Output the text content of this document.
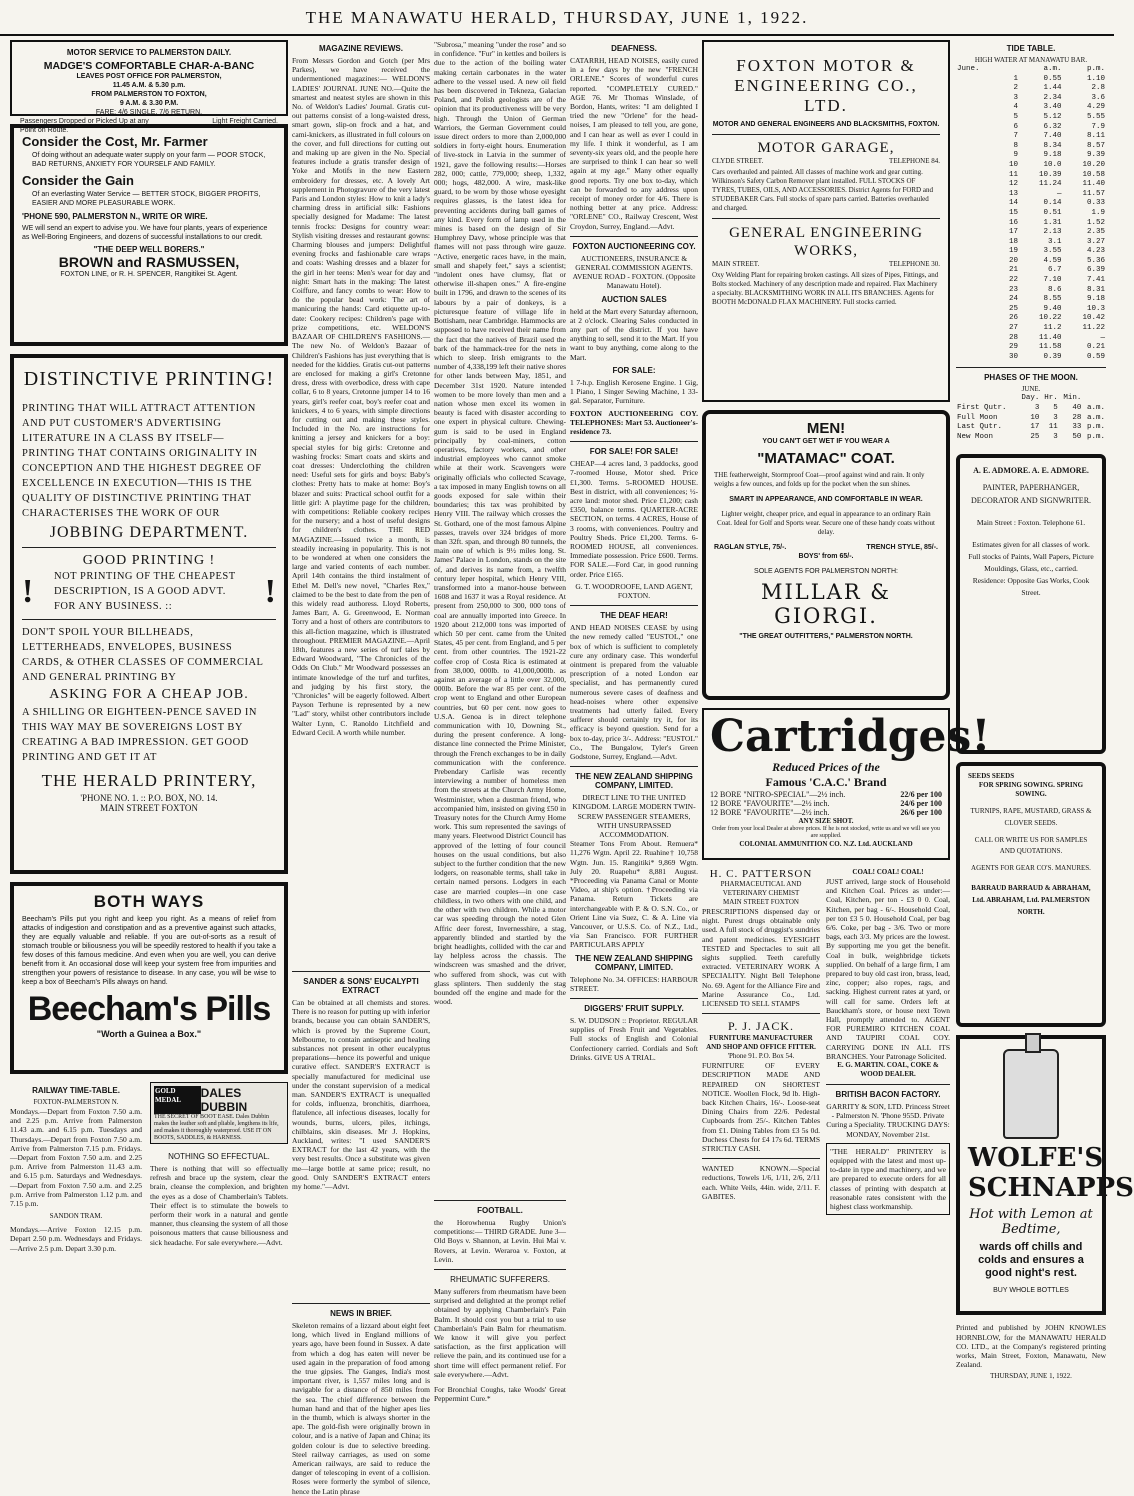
THE MANAWATU HERALD, THURSDAY, JUNE 1, 1922.
MOTOR SERVICE TO PALMERSTON DAILY.
MADGE'S COMFORTABLE CHAR-A-BANC
LEAVES POST OFFICE FOR PALMERSTON,
11.45 A.M. & 5.30 p.m.
FROM PALMERSTON TO FOXTON,
9 A.M. & 3.30 P.M.
FARE: 4/6 SINGLE, 7/6 RETURN.
Passengers Dropped or Picked Up at any Point on Route.
Light Freight Carried.
Consider the Cost, Mr. Farmer
Of doing without an adequate water supply on your farm — POOR STOCK, BAD RETURNS, ANXIETY FOR YOURSELF AND FAMILY.
Consider the Gain
Of an everlasting Water Service — BETTER STOCK, BIGGER PROFITS, EASIER AND MORE PLEASURABLE WORK.
'PHONE 590, PALMERSTON N., WRITE OR WIRE.
WE will send an expert to advise you. We have four plants, years of experience as Well-Boring Engineers, and dozens of successful installations to our credit.
"THE DEEP WELL BORERS."
BROWN and RASMUSSEN,
FOXTON LINE, or R. H. SPENCER, Rangitikei St. Agent.
DISTINCTIVE PRINTING!

PRINTING THAT WILL ATTRACT ATTENTION AND PUT CUSTOMER'S ADVERTISING LITERATURE IN A CLASS BY ITSELF—PRINTING THAT CONTAINS ORIGINALITY IN CONCEPTION AND THE HIGHEST DEGREE OF EXCELLENCE IN EXECUTION—THIS IS THE QUALITY OF DISTINCTIVE PRINTING THAT CHARACTERISES THE WORK OF OUR

JOBBING DEPARTMENT.
GOOD PRINTING !
! NOT PRINTING OF THE CHEAPEST DESCRIPTION, IS A GOOD ADVT. FOR ANY BUSINESS. ::	!

DON'T SPOIL YOUR BILLHEADS, LETTERHEADS, ENVELOPES, BUSINESS CARDS, & OTHER CLASSES OF COMMERCIAL AND GENERAL PRINTING BY

ASKING FOR A CHEAP JOB.

A SHILLING OR EIGHTEEN-PENCE SAVED IN THIS WAY MAY BE SOVEREIGNS LOST BY CREATING A BAD IMPRESSION. GET GOOD PRINTING AND GET IT AT

THE HERALD PRINTERY,
'PHONE NO. 1. :: P.O. BOX, NO. 14.
MAIN STREET FOXTON
BOTH WAYS
Beecham's Pills put you right and keep you right. As a means of relief from attacks of indigestion and constipation and as a preventive against such attacks, they are equally valuable and reliable. If you are out-of-sorts as a result of stomach trouble or biliousness you will be speedily restored to health if you take a few doses of this famous medicine. And even when you are well, you can derive benefit from it. An occasional dose will keep your system free from impurities and strengthen your powers of resistance to disease. In any case, you will be wise to keep a box of Beecham's Pills always on hand.
Beecham's Pills
"Worth a Guinea a Box."
RAILWAY TIME-TABLE.
FOXTON-PALMERSTON N.
Mondays.—Depart from Foxton 7.50 a.m. and 2.25 p.m. Arrive from Palmerston 11.43 a.m. and 6.15 p.m. Tuesdays and Thursdays.—Depart from Foxton 7.50 a.m. Arrive from Palmerston 7.15 p.m. Fridays.—Depart from Foxton 7.50 a.m. and 2.25 p.m. Arrive from Palmerston 11.43 a.m. and 6.15 p.m. Saturdays and Wednesdays.—Depart from Foxton 7.50 a.m. and 2.25 p.m. Arrive from Palmerston 1.12 p.m. and 7.15 p.m.
SANDON TRAM.
Mondays.—Arrive Foxton 12.15 p.m. Depart 2.50 p.m. Wednesdays and Fridays.—Arrive 2.5 p.m. Depart 3.30 p.m.
GOLD MEDAL	DALES DUBBIN
THE SECRET OF BOOT EASE. Dales Dubbin makes the leather soft and pliable, lengthens its life, and makes it thoroughly waterproof. USE IT ON BOOTS, SADDLES, & HARNESS.
NOTHING SO EFFECTUAL.
There is nothing that will so effectually refresh and brace up the system, clear the brain, cleanse the complexion, and brighten the eyes as a dose of Chamberlain's Tablets. Their effect is to stimulate the bowels to perform their work in a natural and gentle manner, thus cleansing the system of all those poisonous matters that cause biliousness and sick headache. For sale everywhere.—Advt.
MAGAZINE REVIEWS.
From Messrs Gordon and Gotch (per Mrs Parkes), we have received the undermentioned magazines:— WELDON'S LADIES' JOURNAL JUNE NO.—Quite the smartest and neatest styles are shown in this No. of Weldon's Ladies' Journal. Gratis cut-out patterns consist of a long-waisted dress, smart gown, slip-on frock and a hat, and cami-knickers, as illustrated in full colours on the cover, and full directions for cutting out and making up are given in the No. Special features include a gratis transfer design of Yoke and Motifs in the new Eastern embroidery for dresses, etc. A lovely Art supplement in Photogravure of the very latest Paris and London styles: How to knit a lady's charming dress in artificial silk: Fashions specially designed for Madame: The latest tennis frocks: Designs for country wear: Stylish visiting dresses and restaurant gowns: Charming blouses and jumpers: Delightful evening frocks and fashionable care wraps and coats: Washing dresses and a blazer for the girl in her teens: Men's wear for day and night: Smart hats in the making: The latest Coiffure, and fancy combs to wear: How to do the popular bead work: The art of manicuring the hands: Card etiquette up-to-date: Cookery recipes: Children's page with prize competitions, etc. WELDON'S BAZAAR OF CHILDREN'S FASHIONS.—The new No. of Weldon's Bazaar of Children's Fashions has just everything that is needed for the kiddies. Gratis cut-out patterns are enclosed for making a girl's Cretonne dress, dress with overbodice, dress with cape collar, 6 to 8 years, Cretonne jumper 14 to 16 years, girl's reefer coat, boy's reefer coat and knickers, 4 to 6 years, with simple directions for cutting out and making these styles. Included in the No. are instructions for knitting a jersey and knickers for a boy: special styles for big girls: Cretonne and washing frocks: Smart coats and skirts and coat dresses: Underclothing the children need: Useful sets for girls and boys: Baby's clothes: Pretty hats to make at home: Boy's blazer and suits: Practical school outfit for a little girl: A playtime page for the children, with competitions: Reliable cookery recipes for the nursery; and a host of useful designs for children's clothes. THE RED MAGAZINE.—Issued twice a month, is steadily increasing in popularity. This is not to be wondered at when one considers the large and varied contents of each number. April 14th contains the third instalment of Ethel M. Dell's new novel, "Charles Rex," claimed to be the best to date from the pen of this widely read authoress. Lloyd Roberts, James Barr, A. G. Greenwood, E. Norman Torry and a host of others are contributors to this all-fiction magazine, which is illustrated throughout. PREMIER MAGAZINE.—April 18th, features a new series of turf tales by Edward Woodward, "The Chronicles of the Odds On Club." Mr Woodward possesses an intimate knowledge of the turf and turfites, and judging by his first story, the "Chronicles" will be eagerly followed. Albert Payson Terhune is represented by a new "Lad" story, whilst other contributors include Walter Lynn, C. Ranoldo Litchfield and Edward Cecil. A worth while number.
SANDER & SONS' EUCALYPTI EXTRACT
Can be obtained at all chemists and stores. There is no reason for putting up with inferior brands, because you can obtain SANDER'S, which is proved by the Supreme Court, Melbourne, to contain antiseptic and healing substances not present in other eucalyptus preparations—hence its powerful and unique curative effect. SANDER'S EXTRACT is specially manufactured for medicinal use under the constant supervision of a medical man. SANDER'S EXTRACT is unequalled for colds, influenza, bronchitis, diarrhoea, flatulence, all infectious diseases, locally for wounds, burns, ulcers, piles, itchings, chilblains, skin diseases. Mr J. Hopkins, Auckland, writes: "I used SANDER'S EXTRACT for the last 42 years, with the very best results. Once a substitute was given me—large bottle at same price; result, no good. Only SANDER'S EXTRACT enters my home."—Advt.
NEWS IN BRIEF.
Skeleton remains of a lizzard about eight feet long, which lived in England millions of years ago, have been found in Sussex. A date from which a dog has eaten will never be used again in the preparation of food among the true gipsies. The Ganges, India's most important river, is 1,557 miles long and is navigable for a distance of 850 miles from the sea. The chief difference between the human hand and that of the higher apes lies in the thumb, which is always shorter in the ape. The gold-fish were originally brown in colour, and is a native of Japan and China; its golden colour is due to selective breeding. Steel railway carriages, as used on some American railways, are said to reduce the danger of telescoping in event of a collision. Roses were formerly the symbol of silence, hence the Latin phrase
"Subrosa," meaning "under the rose" and so in confidence. "Fur" in kettles and boilers is due to the action of the boiling water making certain carbonates in the water adhere to the vessel used. A new oil field has been discovered in Tekneza, Galacian Poland, and Polish geologists are of the opinion that its productiveness will be very high. Through the Union of German Warriors, the German Government could issue direct orders to more than 2,000,000 soldiers in forty-eight hours. Enumeration of live-stock in Latvia in the summer of 1921, gave the following results:—Horses 282, 000; cattle, 779,000; sheep, 1,332, 000; hogs, 482,000. A wire, mask-like guard, to be worn by those whose eyesight requires glasses, is the latest idea for preventing accidents during ball games of any kind. Every form of lamp used in the mines is based on the design of Sir Humphrey Davy, whose principle was that flames will not pass through wire gauze. "Active, energetic races have, in the main, small and shapely feet," says a scientist; "indolent ones have clumsy, flat or otherwise ill-shapen ones." A fire-engine built in 1796, and drawn to the scenes of its labours by a pair of donkeys, is a picturesque feature of village life in Bottisham, near Cambridge. Hammocks are supposed to have received their name from the fact that the natives of Brazil used the bark of the hammack-tree for the nets in which to sleep. Irish emigrants to the number of 4,338,199 left their native shores for other lands between May, 1851, and December 31st 1920. Nature intended women to be more lovely than men and a nation whose men excel its women in beauty is faced with disaster according to one expert in physical culture. Chewing-gum is said to be used in England principally by coal-miners, cotton operatives, factory workers, and other industrial employees who cannot smoke while at their work. Scavengers were originally officials who collected Scavage, a tax imposed in many English towns on all goods exposed for sale within their boundaries; this tax was prohibited by Henry VIII. The railway which crosses the St. Gothard, one of the most famous Alpine passes, travels over 324 bridges of more than 32ft. span, and through 80 tunnels, the main one of which is 9½ miles long. St. James' Palace in London, stands on the site of, and derives its name from, a twelfth century leper hospital, which Henry VIII, transformed into a manor-house between 1608 and 1637 it was a Royal residence. At present from 250,000 to 300, 000 tons of coal are annually imported into Greece. In 1920 about 212,000 tons was imported of which 50 per cent. came from the United States, 45 per cent. from England, and 5 per cent. from other countries. The 1921-22 coffee crop of Costa Rica is estimated at from 38,000, 000lb. to 41,000,000lb. as against an average of a little over 32,000, 000lb. Before the war 85 per cent. of the crop went to England and other European countries, but 60 per cent. now goes to U.S.A. Genoa is in direct telephone communication with 10, Downing St., during the present conference. A long-distance line connected the Prime Minister, through the French exchanges to be in daily communication with the conference. Prebendary Carlisle was recently interviewing a number of homeless men from the streets at the Church Army Home, Westminister, when a dustman friend, who accompanied him, insisted on giving £50 in Treasury notes for the Church Army Home work. This sum represented the savings of many years. Fleetwood District Council has approved of the letting of four council houses on the usual conditions, but also subject to the further condition that the new lodgers, on reasonable terms, shall take in certain named persons. Lodgers in each case are married couples—in one case childless, in two others with one child, and the other with two children. While a motor car was speeding through the noted Glen Affric deer forest, Invernesshire, a stag, apparently blinded and startled by the bright headlights, collided with the car and lay helpless across the chassis. The windscreen was smashed and the driver, who suffered from shock, was cut with glass splinters. Then suddenly the stag bounded off the engine and made for the wood.
FOOTBALL.
the Horowhenua Rugby Union's competitions:— THIRD GRADE. June 3— Old Boys v. Shannon, at Levin. Hui Mai v. Rovers, at Levin. Weraroa v. Foxton, at Levin.
RHEUMATIC SUFFERERS.
Many sufferers from rheumatism have been surprised and delighted at the prompt relief obtained by applying Chamberlain's Pain Balm. It should cost you but a trial to use Chamberlain's Pain Balm for rheumatism. We know it will give you perfect satisfaction, as the first application will relieve the pain, and its continued use for a short time will effect permanent relief. For sale everywhere.—Advt.
For Bronchial Coughs, take Woods' Great Peppermint Cure.*
DEAFNESS.
CATARRH, HEAD NOISES, easily cured in a few days by the new "FRENCH ORLENE." Scores of wonderful cures reported. "COMPLETELY CURED." AGE 76. Mr Thomas Winslade, of Bordon, Hants, writes: "I am delighted I tried the new "Orlene" for the head-noises, I am pleased to tell you, are gone, and I can hear as well as ever I could in my life. I think it wonderful, as I am seventy-six years old, and the people here are surprised to think I can hear so well again at my age." Many other equally good reports. Try one box to-day, which can be forwarded to any address upon receipt of money order for 4/6. There is nothing better at any price. Address: "ORLENE" CO., Railway Crescent, West Croydon, Surrey, England.—Advt.
FOXTON AUCTIONEERING COY.
AUCTIONEERS, INSURANCE & GENERAL COMMISSION AGENTS. AVENUE ROAD - FOXTON. (Opposite Manawatu Hotel).
AUCTION SALES
held at the Mart every Saturday afternoon, at 2 o'clock. Clearing Sales conducted in any part of the district. If you have anything to sell, send it to the Mart. If you want to buy anything, come along to the Mart.
FOR SALE:
1 7-h.p. English Kerosene Engine. 1 Gig, 1 Piano, 1 Singer Sewing Machine, 1 33-gal. Separator, Furniture.
FOXTON AUCTIONEERING COY. TELEPHONES: Mart 53. Auctioneer's-residence 73.
FOR SALE! FOR SALE!
CHEAP—4 acres land, 3 paddocks, good 7-roomed House, Motor shed. Price £1,300. Terms. 5-ROOMED HOUSE. Best in district, with all conveniences; ½-acre land: motor shed. Price £1,200; cash £350, balance terms. QUARTER-ACRE SECTION, on terms. 4 ACRES, House of 3 rooms, with conveniences. Poultry and Poultry Sheds. Price £1,200. Terms. 6-ROOMED HOUSE, all conveniences. Immediate possession. Price £600. Terms. FOR SALE.—Ford Car, in good running order. Price £165.
G. T. WOODROOFE, LAND AGENT, FOXTON.
THE DEAF HEAR!
AND HEAD NOISES CEASE by using the new remedy called "EUSTOL," one box of which is sufficient to completely cure any ordinary case. This wonderful ointment is prepared from the valuable prescription of a noted London ear specialist, and has permanently cured numerous severe cases of deafness and head-noises where other expensive treatments had utterly failed. Every sufferer should certainly try it, for its efficacy is beyond question. Send for a box to-day, price 3/-. Address: "EUSTOL" Co., The Bungalow, Tyler's Green Godstone, Surrey, England.—Advt.
THE NEW ZEALAND SHIPPING COMPANY, LIMITED.
DIRECT LINE TO THE UNITED KINGDOM. LARGE MODERN TWIN-SCREW PASSENGER STEAMERS, WITH UNSURPASSED ACCOMMODATION.
Steamer Tons From About. Remuera* 11,276 Wgtn. April 22. Ruahine† 10,758 Wgtn. Jun. 15. Rangitiki* 9,869 Wgtn. July 20. Ruapehu* 8,881 August. *Proceeding via Panama Canal or Monte Video, at ship's option. †Proceeding via Panama. Return Tickets are interchangeable with P. & O. S.N. Co., or Orient Line via Suez, C. & A. Line via Vancouver, or U.S.S. Co. of N.Z., Ltd., via San Francisco. FOR FURTHER PARTICULARS APPLY
THE NEW ZEALAND SHIPPING COMPANY, LIMITED.
Telephone No. 34. OFFICES: HARBOUR STREET.
DIGGERS' FRUIT SUPPLY.
S. W. DUDSON :: Proprietor. REGULAR supplies of Fresh Fruit and Vegetables. Full stocks of English and Colonial Confectionery carried. Cordials and Soft Drinks. GIVE US A TRIAL.
FOXTON MOTOR & ENGINEERING CO., LTD.
MOTOR AND GENERAL ENGINEERS AND BLACKSMITHS, FOXTON.
MOTOR GARAGE,
CLYDE STREET.	TELEPHONE 84.
Cars overhauled and painted. All classes of machine work and gear cutting. Wilkinson's Safety Carbon Remover plant installed. FULL STOCKS OF TYRES, TUBES, OILS, AND ACCESSORIES. District Agents for FORD and STUDEBAKER Cars. Full stocks of spare parts carried. Batteries overhauled and charged.
GENERAL ENGINEERING WORKS,
MAIN STREET.	TELEPHONE 30.
Oxy Welding Plant for repairing broken castings. All sizes of Pipes, Fittings, and Bolts stocked. Machinery of any description made and repaired. Flax Machinery a specialty. BLACKSMITHING WORK IN ALL ITS BRANCHES. Agents for BOOTH McDONALD FLAX MACHINERY. Full stocks carried.
MEN!
YOU CAN'T GET WET IF YOU WEAR A
"MATAMAC" COAT.
THE featherweight, Stormproof Coat—proof against wind and rain. It only weighs a few ounces, and folds up for the pocket when the sun shines.
SMART IN APPEARANCE, AND COMFORTABLE IN WEAR.
Lighter weight, cheaper price, and equal in appearance to an ordinary Rain Coat. Ideal for Golf and Sports wear. Secure one of these handy coats without delay.
RAGLAN STYLE, 75/-.	TRENCH STYLE, 85/-.
BOYS' from 65/-.
SOLE AGENTS FOR PALMERSTON NORTH:
MILLAR & GIORGI.
"THE GREAT OUTFITTERS," PALMERSTON NORTH.
Cartridges!
Reduced Prices of the
Famous 'C.A.C.' Brand
12 BORE "NITRO-SPECIAL"—2½ inch.	22/6 per 100
12 BORE "FAVOURITE"—2½ inch.	24/6 per 100
12 BORE "FAVOURITE"—2½ inch.	26/6 per 100
ANY SIZE SHOT.
Order from your local Dealer at above prices. If he is not stocked, write us and we will see you are supplied.
COLONIAL AMMUNITION CO. N.Z. Ltd. AUCKLAND
H. C. PATTERSON
PHARMACEUTICAL AND VETERINARY CHEMIST
MAIN STREET FOXTON
PRESCRIPTIONS dispensed day or night. Purest drugs obtainable only used. A full stock of druggist's sundries and patent medicines. EYESIGHT TESTED and Spectacles to suit all sights supplied. Teeth carefully extracted. VETERINARY WORK A SPECIALITY. Night Bell Telephone No. 69. Agent for the Alliance Fire and Marine Assurance Co., Ltd. LICENSED TO SELL STAMPS
P. J. JACK.
FURNITURE MANUFACTURER AND SHOP AND OFFICE FITTER.
'Phone 91. P.O. Box 54.
FURNITURE OF EVERY DESCRIPTION MADE AND REPAIRED ON SHORTEST NOTICE. Woollen Flock, 9d lb. High-back Kitchen Chairs, 16/-. Loose-seat Dining Chairs from 22/6. Pedestal Cupboards from 25/-. Kitchen Tables from £1. Dining Tables from £3 5s 0d. Duchess Chests for £4 17s 6d. TERMS STRICTLY CASH.
WANTED KNOWN.—Special reductions, Towels 1/6, 1/11, 2/6, 2/11 each. White Veils, 44in. wide, 2/11. F. GABITES.
COAL! COAL! COAL!
JUST arrived, large stock of Household and Kitchen Coal. Prices as under:— Coal, Kitchen, per ton - £3 0 0. Coal, Kitchen, per bag - 6/-. Household Coal, per ton £3 5 0. Household Coal, per bag 6/6. Coke, per bag - 3/6. Two or more bags, each 3/3. My prices are the lowest. By supporting me you get the benefit. Coal in bulk, weighbridge tickets supplied. On behalf of a large firm, I am prepared to buy old cast iron, brass, lead, zinc, copper; also ropes, rags, and sacking. Highest current rates at yard, or will call for same. Orders left at Bauckham's store, or house next Town Hall, promptly attended to. AGENT FOR PUREMIRO KITCHEN COAL AND TAUPIRI COAL COY. CARRYING DONE IN ALL ITS BRANCHES. Your Patronage Solicited.
E. G. MARTIN. COAL, COKE & WOOD DEALER.
BRITISH BACON FACTORY.
GARRITY & SON, LTD. Princess Street - Palmerston N. 'Phone 955D. Private Curing a Speciality. TRUCKING DAYS: MONDAY, November 21st.
"THE HERALD" PRINTERY is equipped with the latest and most up-to-date in type and machinery, and we are prepared to execute orders for all classes of printing with despatch at reasonable rates consistent with the highest class workmanship.
TIDE TABLE.
HIGH WATER AT MANAWATU BAR.
June.		a.m.	p.m.
	1	0.55	1.10
	2	1.44	2.8
	3	2.34	3.6
	4	3.40	4.29
	5	5.12	5.55
	6	6.32	7.9
	7	7.40	8.11
	8	8.34	8.57
	9	9.18	9.39
	10	10.0	10.20
	11	10.39	10.58
	12	11.24	11.40
	13	—	11.57
	14	0.14	0.33
	15	0.51	1.9
	16	1.31	1.52
	17	2.13	2.35
	18	3.1	3.27
	19	3.55	4.23
	20	4.59	5.36
	21	6.7	6.39
	22	7.10	7.41
	23	8.6	8.31
	24	8.55	9.18
	25	9.40	10.3
	26	10.22	10.42
	27	11.2	11.22
	28	11.40	—
	29	11.58	0.21
	30	0.39	0.59
PHASES OF THE MOON.
JUNE.
	Day.	Hr.	Min.	
First Qutr.	3	5	40	a.m.
Full Moon	10	3	28	a.m.
Last Qutr.	17	11	33	p.m.
New Moon	25	3	50	p.m.
A. E. ADMORE. A. E. ADMORE.
PAINTER, PAPERHANGER, DECORATOR AND SIGNWRITER.
Main Street : Foxton. Telephone 61.
Estimates given for all classes of work. Full stocks of Paints, Wall Papers, Picture Mouldings, Glass, etc., carried. Residence: Opposite Gas Works, Cook Street.
SEEDS SEEDS
FOR SPRING SOWING. SPRING SOWING.
TURNIPS, RAPE, MUSTARD, GRASS & CLOVER SEEDS.
CALL OR WRITE US FOR SAMPLES AND QUOTATIONS.
AGENTS FOR GEAR CO'S. MANURES.
BARRAUD BARRAUD & ABRAHAM, Ltd. ABRAHAM, Ltd. PALMERSTON NORTH.
WOLFE'S SCHNAPPS
Hot with Lemon at Bedtime,
wards off chills and colds and ensures a good night's rest.
BUY WHOLE BOTTLES
Printed and published by JOHN KNOWLES HORNBLOW, for the MANAWATU HERALD CO. LTD., at the Company's registered printing works, Main Street, Foxton, Manawatu, New Zealand.
THURSDAY, JUNE 1, 1922.
